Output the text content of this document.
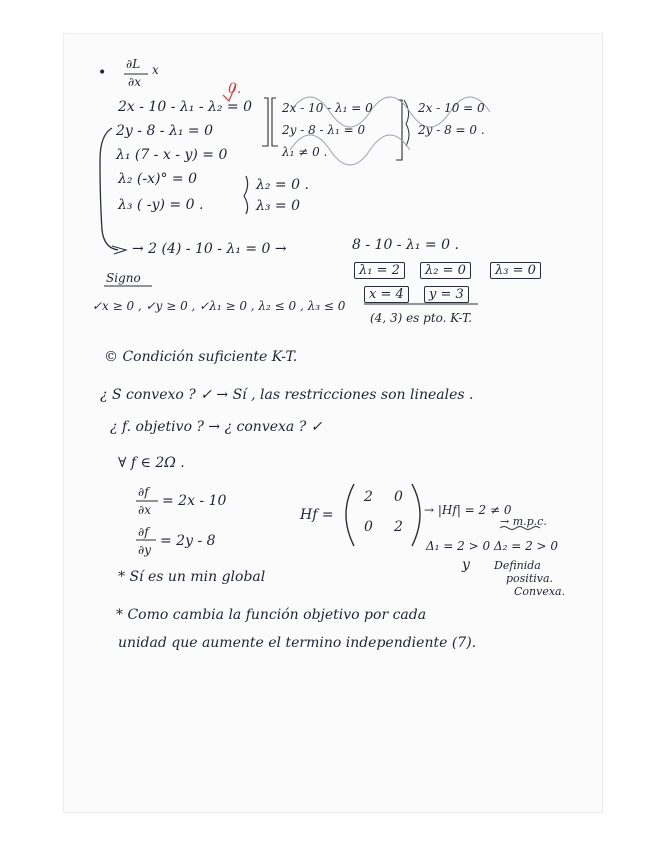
•
∂L
∂x
x
0.
2x - 10 - λ₁ - λ₂ = 0
2y - 8 - λ₁ = 0
λ₁ (7 - x - y) = 0
λ₂ (-x)° = 0
λ₃ ( -y) = 0 .
λ₂ = 0 .
λ₃ = 0
2x - 10 - λ₁ = 0
2y - 8 - λ₁ = 0
λ₁ ≠ 0 .
2x - 10 = 0
2y - 8 = 0 .
→ 2 (4) - 10 - λ₁ = 0 →	8 - 10 - λ₁ = 0 .
λ₁ = 2	λ₂ = 0	λ₃ = 0
x = 4	y = 3
(4, 3) es pto. K-T.
Signo
✓x ≥ 0 , ✓y ≥ 0 , ✓λ₁ ≥ 0 , λ₂ ≤ 0 , λ₃ ≤ 0
© Condición suficiente K-T.
¿ S convexo ? ✓ → Sí , las restricciones son lineales .
¿ f. objetivo ? → ¿ convexa ? ✓
∀ f ∈ 2Ω .
∂f
∂x
= 2x - 10
∂f
∂y
= 2y - 8
Hf =
2 0
0 2
→ |Hf| = 2 ≠ 0
→ m.p.c.
Δ₁ = 2 > 0 Δ₂ = 2 > 0
y Definida
positiva.
Convexa.
* Sí es un min global
* Como cambia la función objetivo por cada
unidad que aumente el termino independiente (7).
